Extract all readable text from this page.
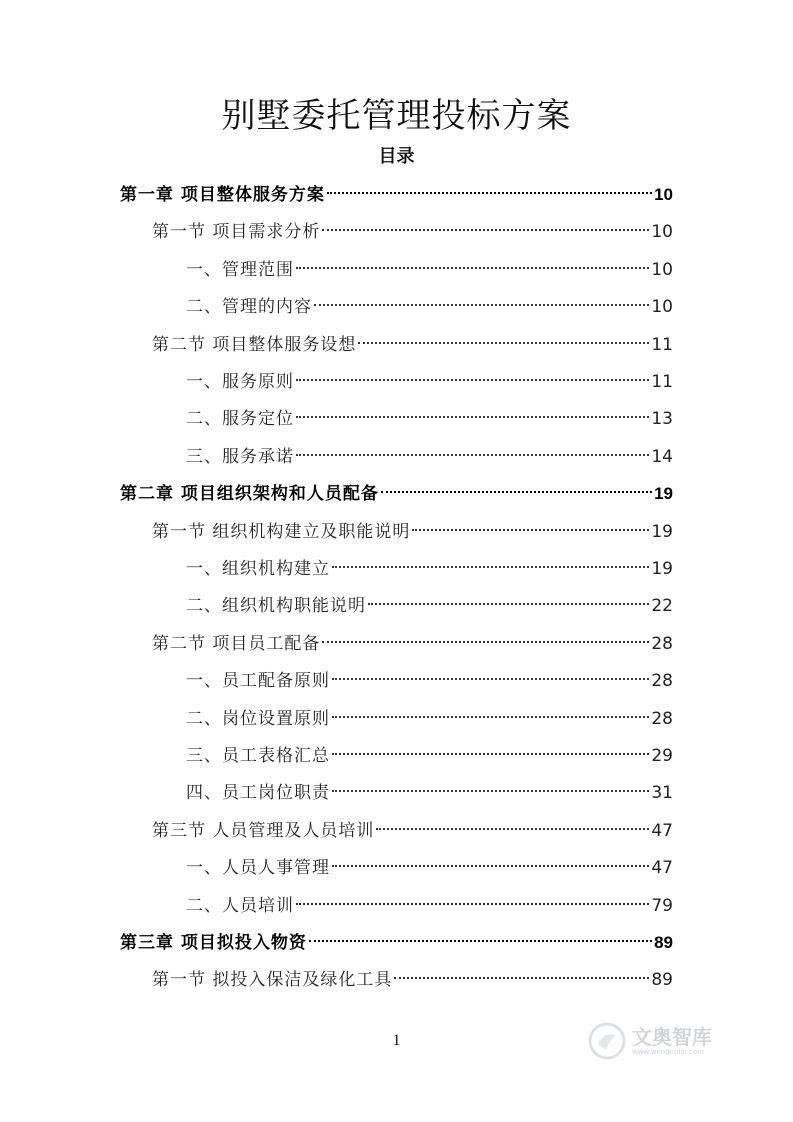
别墅委托管理投标方案
目录
第一章 项目整体服务方案	10
第一节 项目需求分析	10
一、管理范围	10
二、管理的内容	10
第二节 项目整体服务设想	11
一、服务原则	11
二、服务定位	13
三、服务承诺	14
第二章 项目组织架构和人员配备	19
第一节 组织机构建立及职能说明	19
一、组织机构建立	19
二、组织机构职能说明	22
第二节 项目员工配备	28
一、员工配备原则	28
二、岗位设置原则	28
三、员工表格汇总	29
四、员工岗位职责	31
第三节 人员管理及人员培训	47
一、人员人事管理	47
二、人员培训	79
第三章 项目拟投入物资	89
第一节 拟投入保洁及绿化工具	89
1	文奥智库
www.wendoulib.com
